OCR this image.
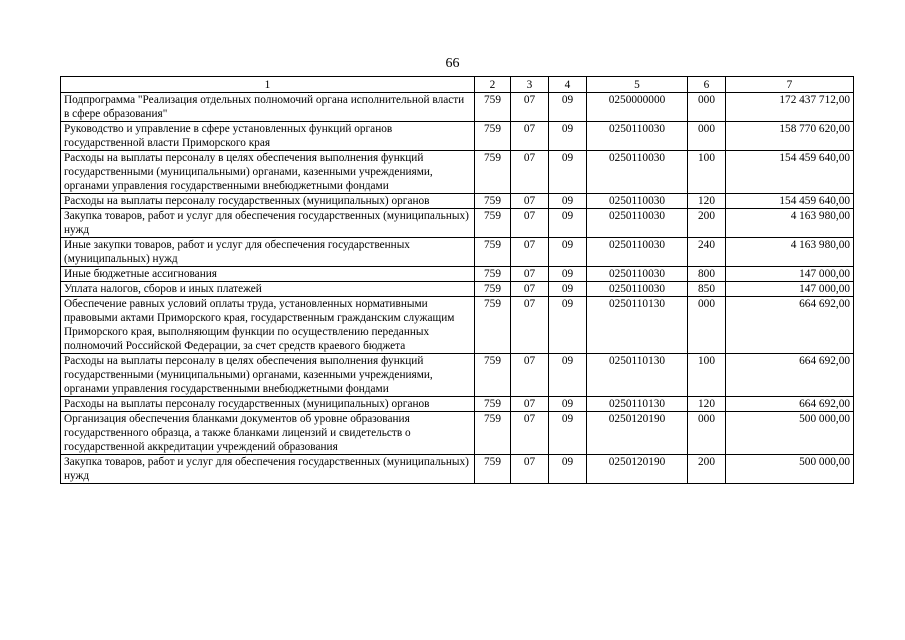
66
1	2	3	4	5	6	7
Подпрограмма "Реализация отдельных полномочий органа исполнительной власти в сфере образования"	759	07	09	0250000000	000	172 437 712,00
Руководство и управление в сфере установленных функций органов государственной власти Приморского края	759	07	09	0250110030	000	158 770 620,00
Расходы на выплаты персоналу в целях обеспечения выполнения функций государственными (муниципальными) органами, казенными учреждениями, органами управления государственными внебюджетными фондами	759	07	09	0250110030	100	154 459 640,00
Расходы на выплаты персоналу государственных (муниципальных) органов	759	07	09	0250110030	120	154 459 640,00
Закупка товаров, работ и услуг для обеспечения государственных (муниципальных) нужд	759	07	09	0250110030	200	4 163 980,00
Иные закупки товаров, работ и услуг для обеспечения государственных (муниципальных) нужд	759	07	09	0250110030	240	4 163 980,00
Иные бюджетные ассигнования	759	07	09	0250110030	800	147 000,00
Уплата налогов, сборов и иных платежей	759	07	09	0250110030	850	147 000,00
Обеспечение равных условий оплаты труда, установленных нормативными правовыми актами Приморского края, государственным гражданским служащим Приморского края, выполняющим функции по осуществлению переданных полномочий Российской Федерации, за счет средств краевого бюджета	759	07	09	0250110130	000	664 692,00
Расходы на выплаты персоналу в целях обеспечения выполнения функций государственными (муниципальными) органами, казенными учреждениями, органами управления государственными внебюджетными фондами	759	07	09	0250110130	100	664 692,00
Расходы на выплаты персоналу государственных (муниципальных) органов	759	07	09	0250110130	120	664 692,00
Организация обеспечения бланками документов об уровне образования государственного образца, а также бланками лицензий и свидетельств о государственной аккредитации учреждений образования	759	07	09	0250120190	000	500 000,00
Закупка товаров, работ и услуг для обеспечения государственных (муниципальных) нужд	759	07	09	0250120190	200	500 000,00
